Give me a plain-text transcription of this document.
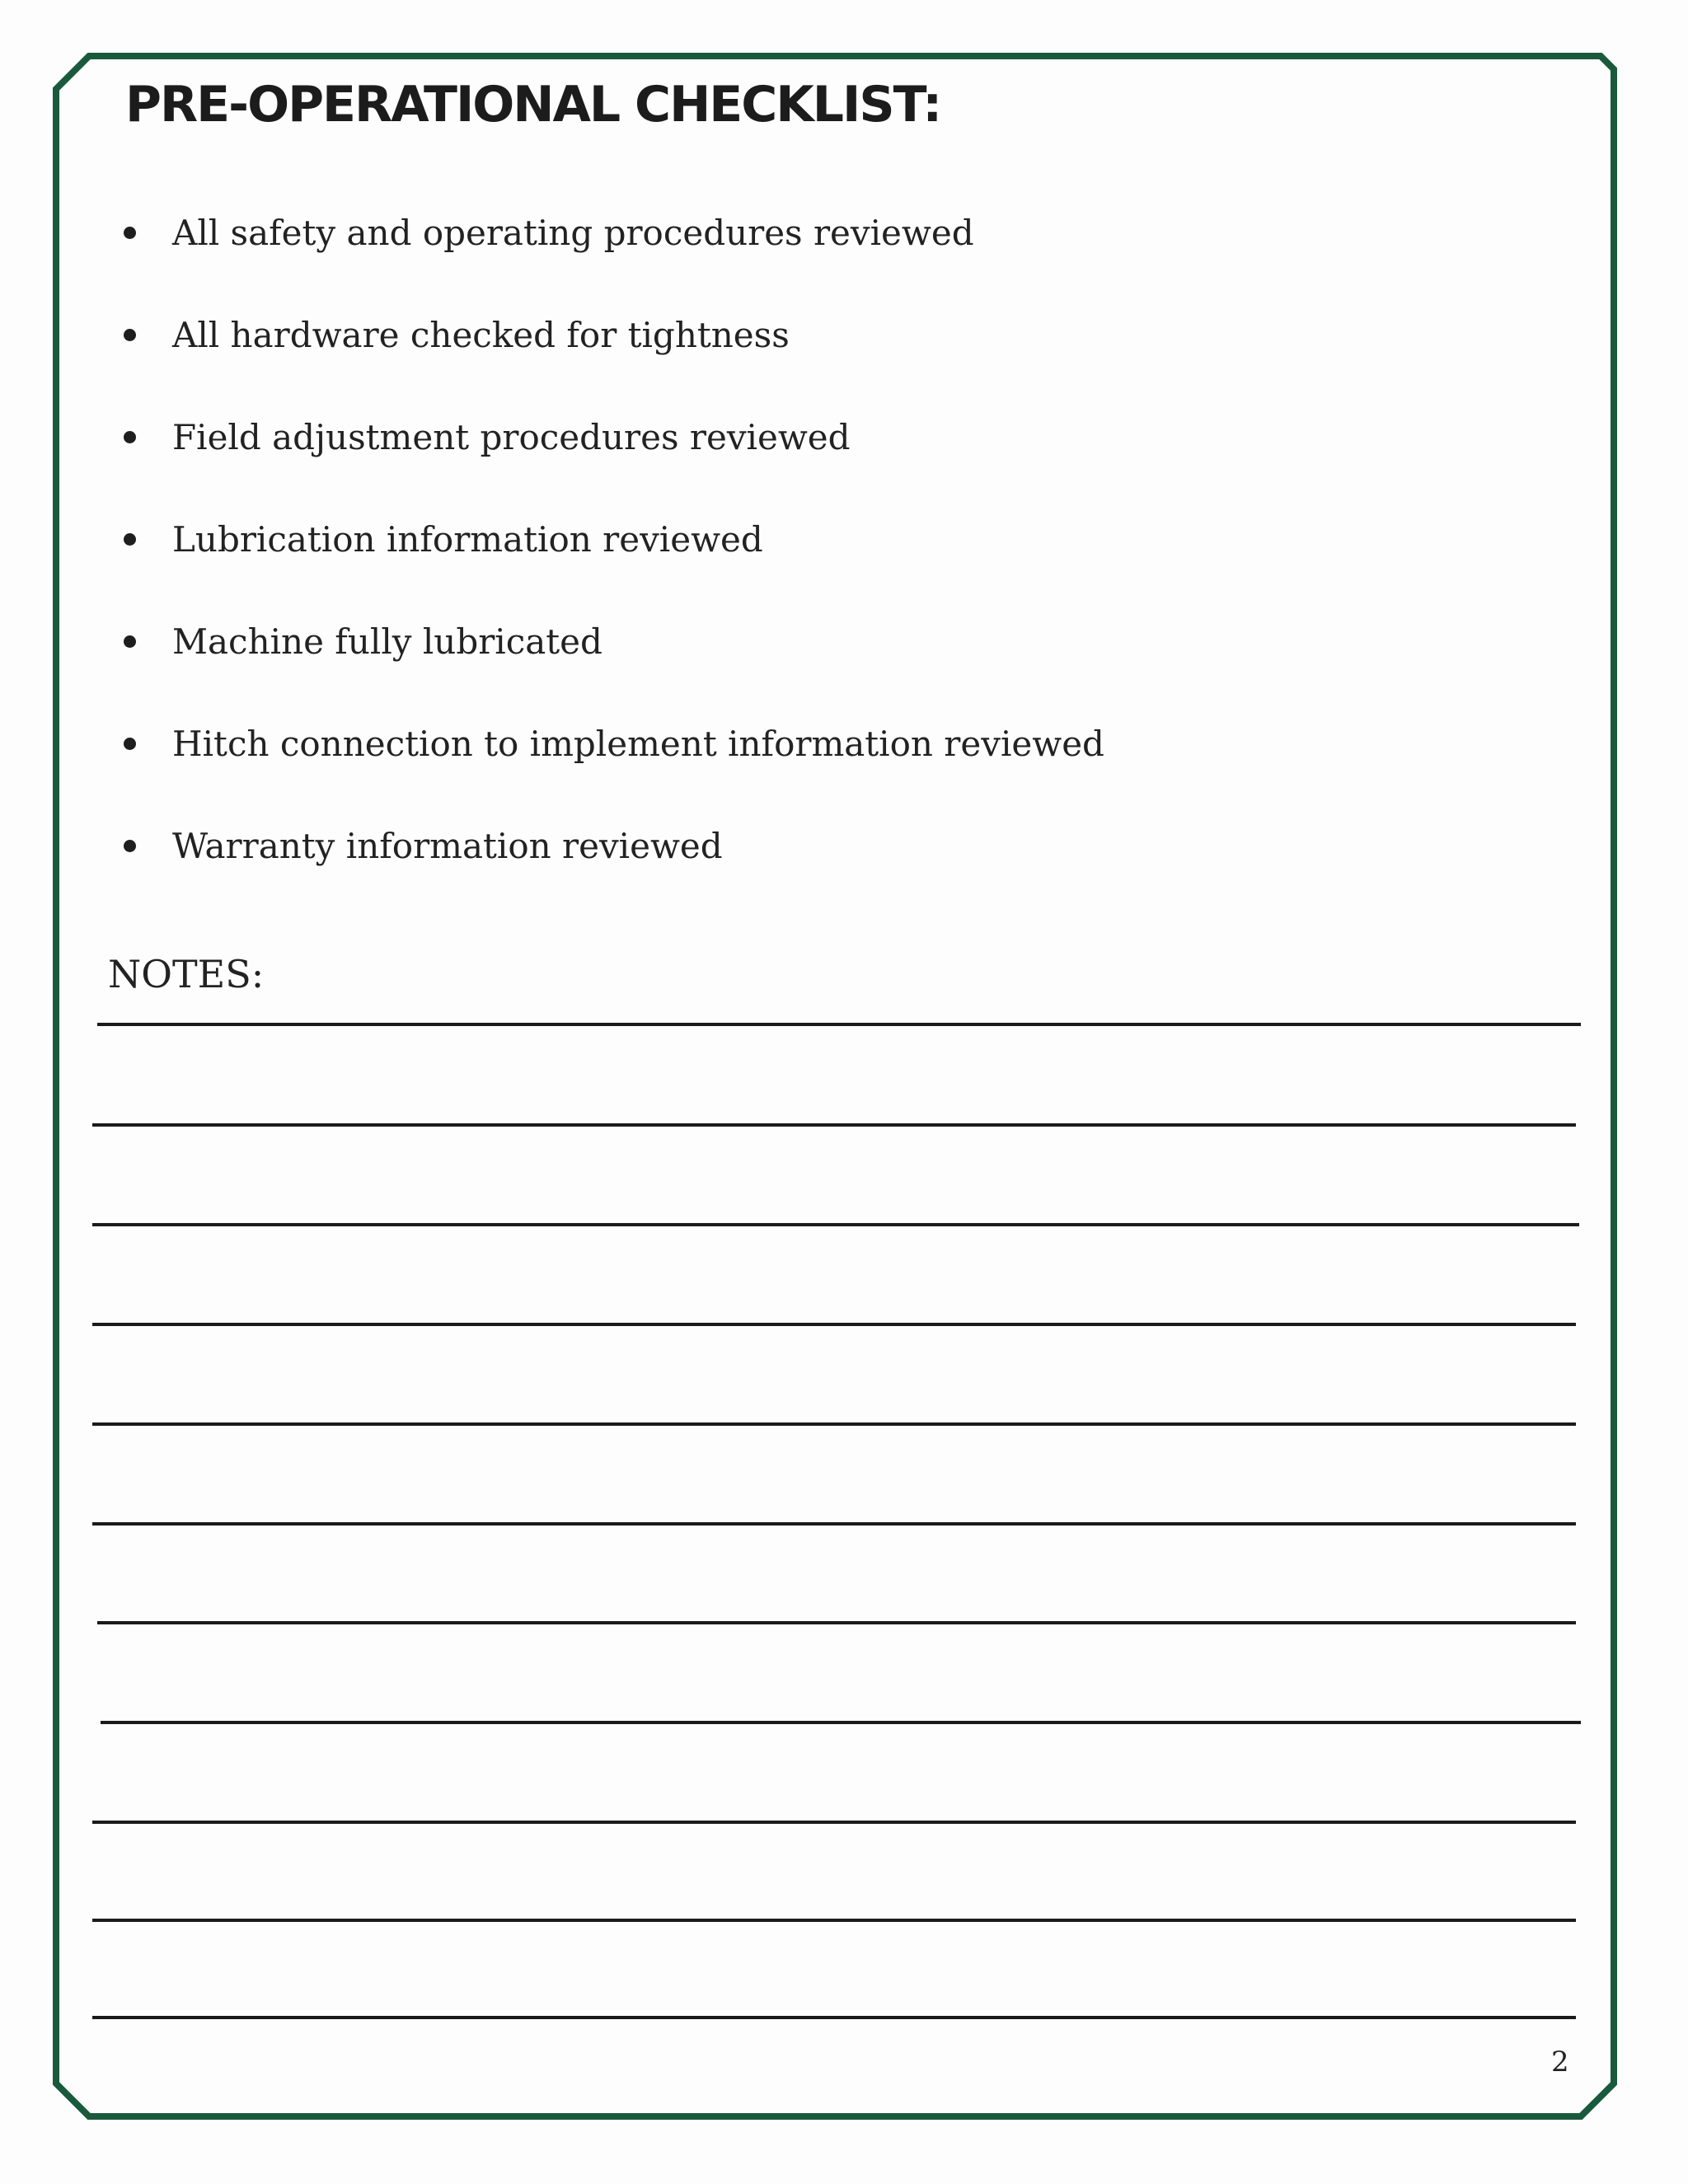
PRE-OPERATIONAL CHECKLIST:
All safety and operating procedures reviewed
All hardware checked for tightness
Field adjustment procedures reviewed
Lubrication information reviewed
Machine fully lubricated
Hitch connection to implement information reviewed
Warranty information reviewed
NOTES:
2
